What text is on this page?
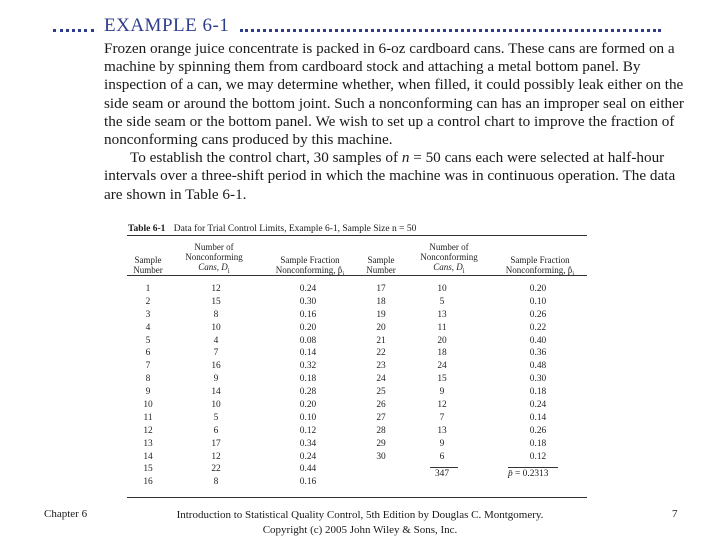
EXAMPLE 6-1

Frozen orange juice concentrate is packed in 6-oz cardboard cans. These cans are formed on a machine by spinning them from cardboard stock and attaching a metal bottom panel. By inspection of a can, we may determine whether, when filled, it could possibly leak either on the side seam or around the bottom joint. Such a nonconforming can has an improper seal on either the side seam or the bottom panel. We wish to set up a control chart to improve the fraction of nonconforming cans produced by this machine.

To establish the control chart, 30 samples of n = 50 cans each were selected at half-hour intervals over a three-shift period in which the machine was in continuous operation. The data are shown in Table 6-1.

Table 6-1 Data for Trial Control Limits, Example 6-1, Sample Size n = 50
Sample
Number
Number of
Nonconforming
Cans, $D_i$
Sample Fraction
Nonconforming, $p̂_i$
Sample
Number
Number of
Nonconforming
Cans, $D_i$
Sample Fraction
Nonconforming, $p̂_i$
1
2
3
4
5
6
7
8
9
10
11
12
13
14
15
16
12
15
8
10
4
7
16
9
14
10
5
6
17
12
22
8
0.24
0.30
0.16
0.20
0.08
0.14
0.32
0.18
0.28
0.20
0.10
0.12
0.34
0.24
0.44
0.16
17
18
19
20
21
22
23
24
25
26
27
28
29
30
10
5
13
11
20
18
24
15
9
12
7
13
9
6
0.20
0.10
0.26
0.22
0.40
0.36
0.48
0.30
0.18
0.24
0.14
0.26
0.18
0.12
347	p̄ = 0.2313
Chapter 6	Introduction to Statistical Quality Control, 5th Edition by Douglas C. Montgomery.
Copyright (c) 2005 John Wiley & Sons, Inc.
7
